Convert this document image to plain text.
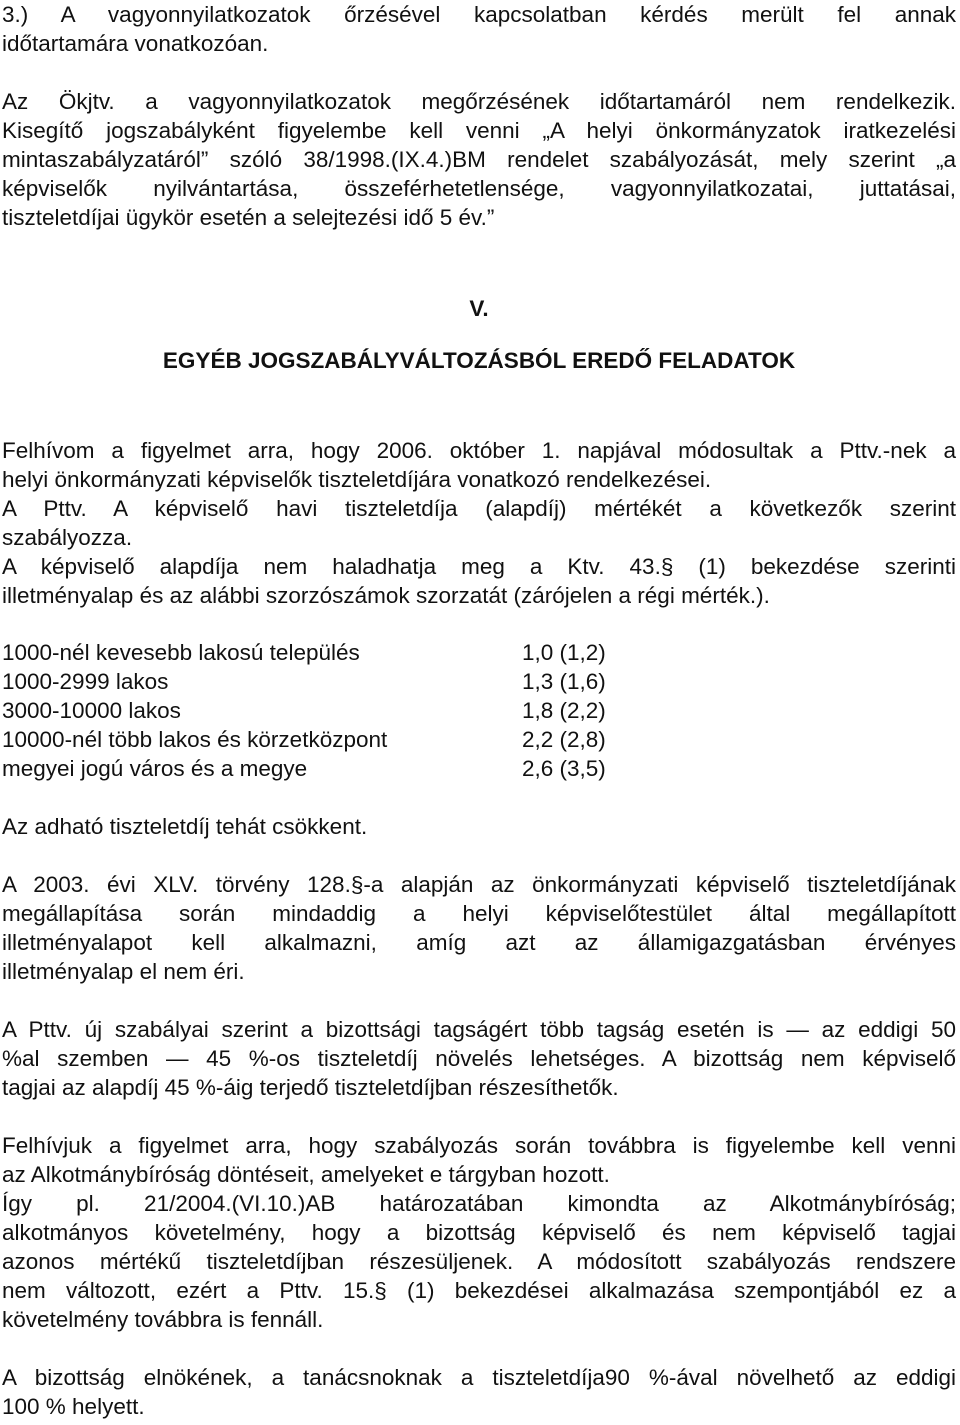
3.) A vagyonnyilatkozatok őrzésével kapcsolatban kérdés merült fel annak
időtartamára vonatkozóan.
Az Ökjtv. a vagyonnyilatkozatok megőrzésének időtartamáról nem rendelkezik.
Kisegítő jogszabályként figyelembe kell venni „A helyi önkormányzatok iratkezelési
mintaszabályzatáról” szóló 38/1998.(IX.4.)BM rendelet szabályozását, mely szerint „a
képviselők nyilvántartása, összeférhetetlensége, vagyonnyilatkozatai, juttatásai,
tiszteletdíjai ügykör esetén a selejtezési idő 5 év.”
V.
EGYÉB JOGSZABÁLYVÁLTOZÁSBÓL EREDŐ FELADATOK
Felhívom a figyelmet arra, hogy 2006. október 1. napjával módosultak a Pttv.-nek a
helyi önkormányzati képviselők tiszteletdíjára vonatkozó rendelkezései.
A Pttv. A képviselő havi tiszteletdíja (alapdíj) mértékét a következők szerint
szabályozza.
A képviselő alapdíja nem haladhatja meg a Ktv. 43.§ (1) bekezdése szerinti
illetményalap és az alábbi szorzószámok szorzatát (zárójelen a régi mérték.).
1000-nél kevesebb lakosú település	1,0 (1,2)
1000-2999 lakos	1,3 (1,6)
3000-10000 lakos	1,8 (2,2)
10000-nél több lakos és körzetközpont	2,2 (2,8)
megyei jogú város és a megye	2,6 (3,5)
Az adható tiszteletdíj tehát csökkent.
A 2003. évi XLV. törvény 128.§-a alapján az önkormányzati képviselő tiszteletdíjának
megállapítása során mindaddig a helyi képviselőtestület által megállapított
illetményalapot kell alkalmazni, amíg azt az államigazgatásban érvényes
illetményalap el nem éri.
A Pttv. új szabályai szerint a bizottsági tagságért több tagság esetén is — az eddigi 50
%al szemben — 45 %-os tiszteletdíj növelés lehetséges. A bizottság nem képviselő
tagjai az alapdíj 45 %-áig terjedő tiszteletdíjban részesíthetők.
Felhívjuk a figyelmet arra, hogy szabályozás során továbbra is figyelembe kell venni
az Alkotmánybíróság döntéseit, amelyeket e tárgyban hozott.
Így pl. 21/2004.(VI.10.)AB határozatában kimondta az Alkotmánybíróság;
alkotmányos követelmény, hogy a bizottság képviselő és nem képviselő tagjai
azonos mértékű tiszteletdíjban részesüljenek. A módosított szabályozás rendszere
nem változott, ezért a Pttv. 15.§ (1) bekezdései alkalmazása szempontjából ez a
követelmény továbbra is fennáll.
A bizottság elnökének, a tanácsnoknak a tiszteletdíja90 %-ával növelhető az eddigi
100 % helyett.
